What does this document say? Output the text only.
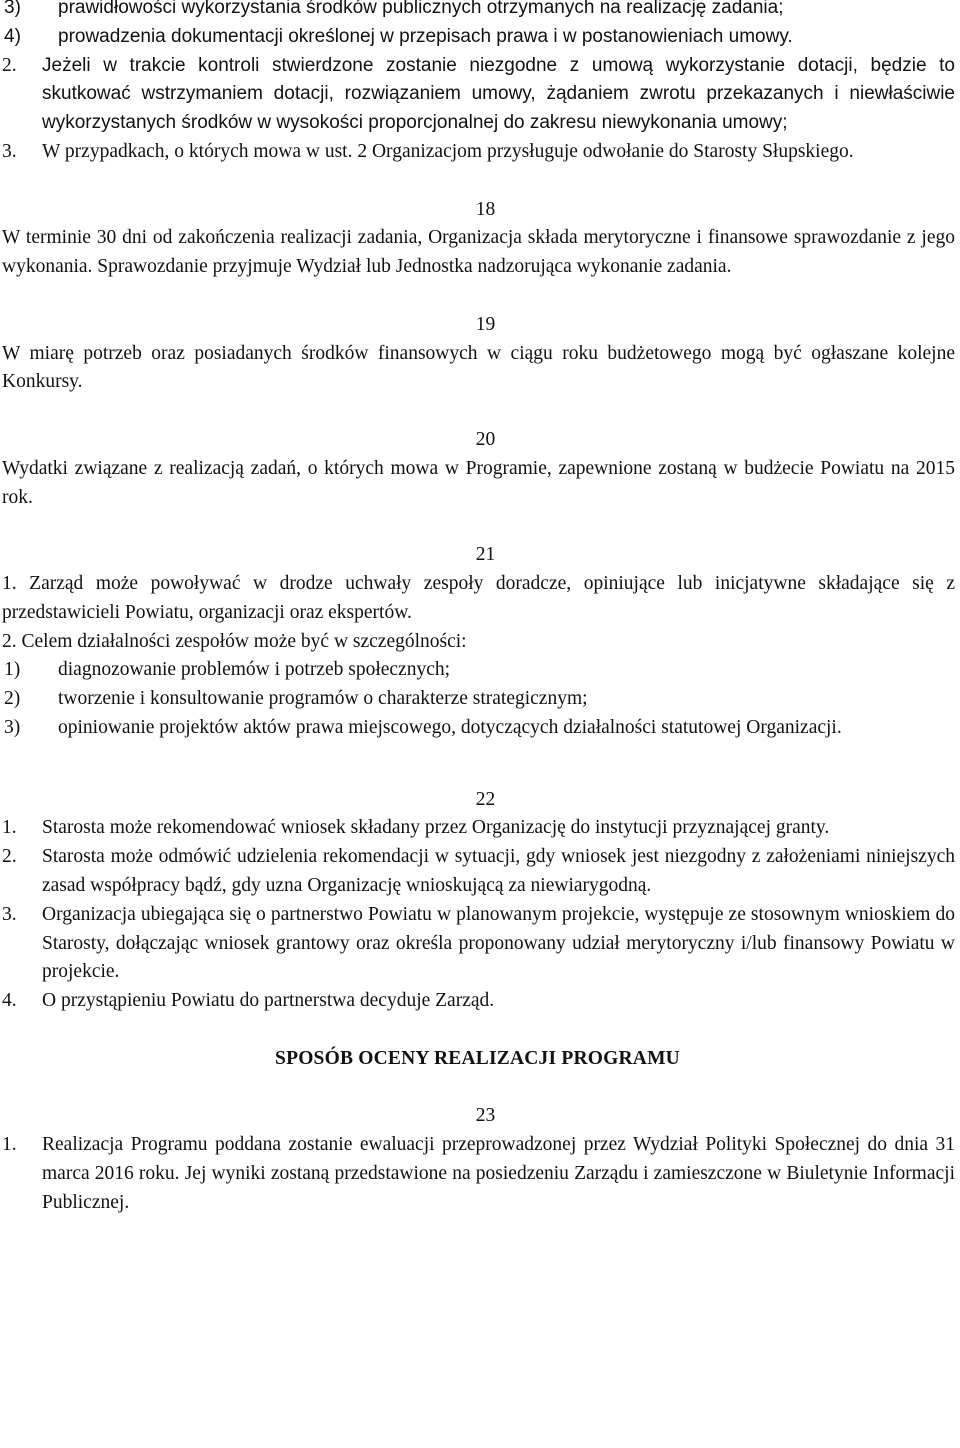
3)	prawidłowości wykorzystania środków publicznych otrzymanych na realizację zadania;
4)	prowadzenia dokumentacji określonej w przepisach prawa i w postanowieniach umowy.
2.	Jeżeli w trakcie kontroli stwierdzone zostanie niezgodne z umową wykorzystanie dotacji, będzie to skutkować wstrzymaniem dotacji, rozwiązaniem umowy, żądaniem zwrotu przekazanych i niewłaściwie wykorzystanych środków w wysokości proporcjonalnej do zakresu niewykonania umowy;
3.	W przypadkach, o których mowa w ust. 2 Organizacjom przysługuje odwołanie do Starosty Słupskiego.
18
W terminie 30 dni od zakończenia realizacji zadania, Organizacja składa merytoryczne i finansowe sprawozdanie z jego wykonania. Sprawozdanie przyjmuje Wydział lub Jednostka nadzorująca wykonanie zadania.
19
W miarę potrzeb oraz posiadanych środków finansowych w ciągu roku budżetowego mogą być ogłaszane kolejne Konkursy.
20
Wydatki związane z realizacją zadań, o których mowa w Programie, zapewnione zostaną w budżecie Powiatu na 2015 rok.
21
1. Zarząd może powoływać w drodze uchwały zespoły doradcze, opiniujące lub inicjatywne składające się z przedstawicieli Powiatu, organizacji oraz ekspertów.
2. Celem działalności zespołów może być w szczególności:
1)	diagnozowanie problemów i potrzeb społecznych;
2)	tworzenie i konsultowanie programów o charakterze strategicznym;
3)	opiniowanie projektów aktów prawa miejscowego, dotyczących działalności statutowej Organizacji.
22
1.	Starosta może rekomendować wniosek składany przez Organizację do instytucji przyznającej granty.
2.	Starosta może odmówić udzielenia rekomendacji w sytuacji, gdy wniosek jest niezgodny z założeniami niniejszych zasad współpracy bądź, gdy uzna Organizację wnioskującą za niewiarygodną.
3.	Organizacja ubiegająca się o partnerstwo Powiatu w planowanym projekcie, występuje ze stosownym wnioskiem do Starosty, dołączając wniosek grantowy oraz określa proponowany udział merytoryczny i/lub finansowy Powiatu w projekcie.
4.	O przystąpieniu Powiatu do partnerstwa decyduje Zarząd.
SPOSÓB OCENY REALIZACJI PROGRAMU
23
1.	Realizacja Programu poddana zostanie ewaluacji przeprowadzonej przez Wydział Polityki Społecznej do dnia 31 marca 2016 roku. Jej wyniki zostaną przedstawione na posiedzeniu Zarządu i zamieszczone w Biuletynie Informacji Publicznej.
